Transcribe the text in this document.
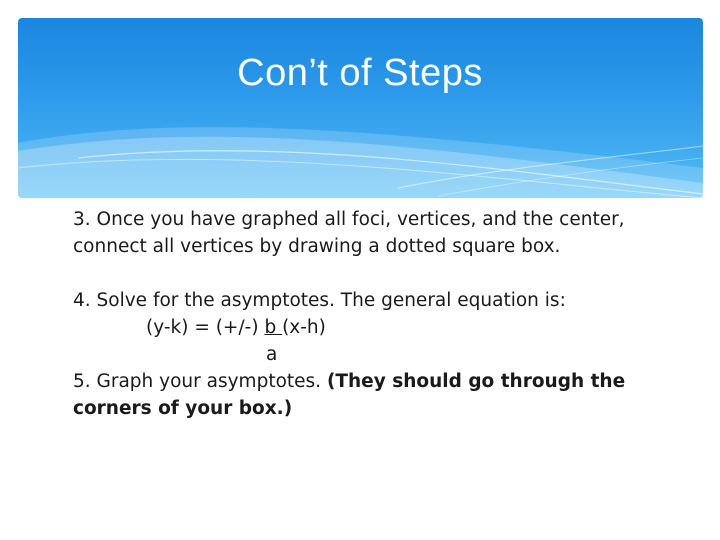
Con’t of Steps

3. Once you have graphed all foci, vertices, and the center,

connect all vertices by drawing a dotted square box.

4. Solve for the asymptotes. The general equation is:

(y-k) = (+/-) b (x-h)

a

5. Graph your asymptotes. (They should go through the

corners of your box.)
